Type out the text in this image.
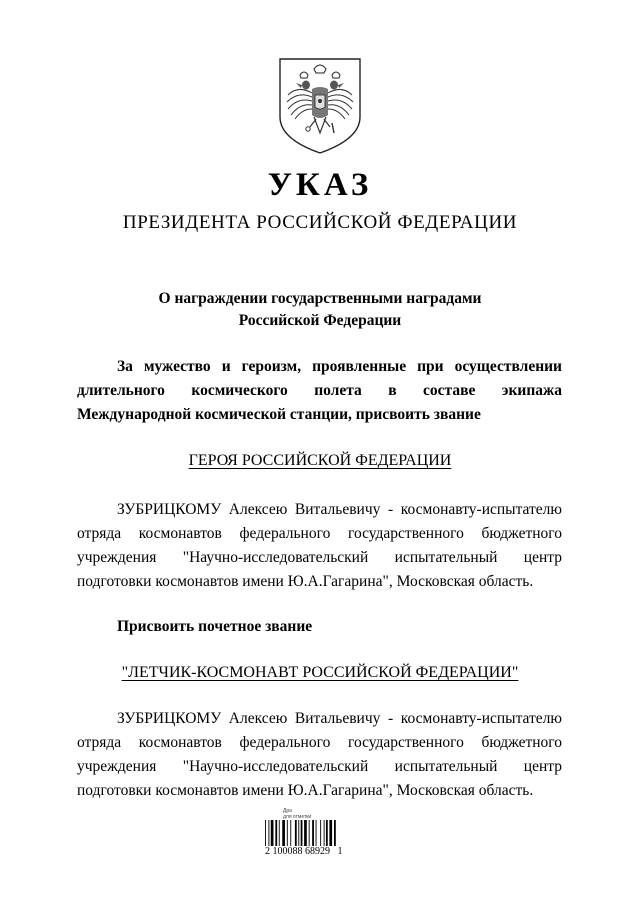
УКАЗ
ПРЕЗИДЕНТА РОССИЙСКОЙ ФЕДЕРАЦИИ
О награждении государственными наградами
Российской Федерации
За мужество и героизм, проявленные при осуществлении
длительного космического полета в составе экипажа
Международной космической станции, присвоить звание
ГЕРОЯ РОССИЙСКОЙ ФЕДЕРАЦИИ
ЗУБРИЦКОМУ Алексею Витальевичу - космонавту-испытателю
отряда космонавтов федерального государственного бюджетного
учреждения "Научно-исследовательский испытательный центр
подготовки космонавтов имени Ю.А.Гагарина", Московская область.
Присвоить почетное звание
"ЛЕТЧИК-КОСМОНАВТ РОССИЙСКОЙ ФЕДЕРАЦИИ"
ЗУБРИЦКОМУ Алексею Витальевичу - космонавту-испытателю
отряда космонавтов федерального государственного бюджетного
учреждения "Научно-исследовательский испытательный центр
подготовки космонавтов имени Ю.А.Гагарина", Московская область.
Дра
для отметки
2 100088 68929   1
